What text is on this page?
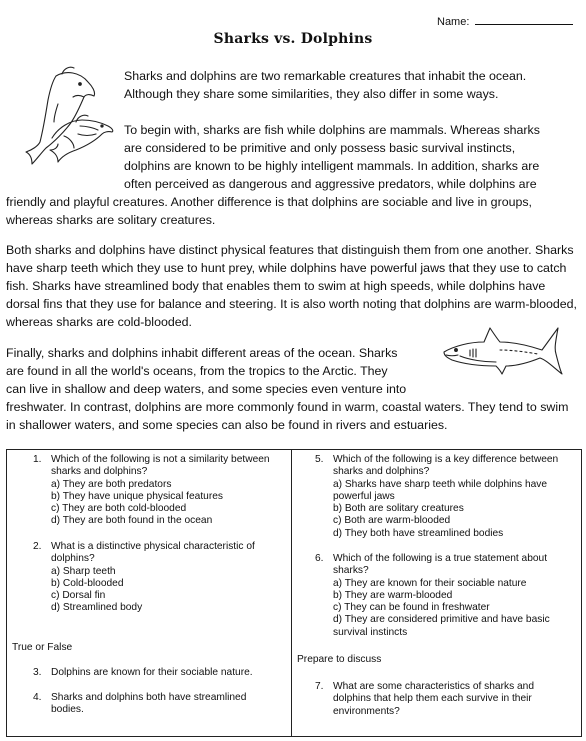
Name:
Sharks vs. Dolphins

Sharks and dolphins are two remarkable creatures that inhabit the ocean. Although they share some similarities, they also differ in some ways.

To begin with, sharks are fish while dolphins are mammals. Whereas sharks

are considered to be primitive and only possess basic survival instincts,

dolphins are known to be highly intelligent mammals. In addition, sharks are

often perceived as dangerous and aggressive predators, while dolphins are

friendly and playful creatures. Another difference is that dolphins are sociable and live in groups, whereas sharks are solitary creatures.

Both sharks and dolphins have distinct physical features that distinguish them from one another. Sharks have sharp teeth which they use to hunt prey, while dolphins have powerful jaws that they use to catch fish. Sharks have streamlined body that enables them to swim at high speeds, while dolphins have dorsal fins that they use for balance and steering. It is also worth noting that dolphins are warm-blooded, whereas sharks are cold-blooded.

Finally, sharks and dolphins inhabit different areas of the ocean. Sharks

are found in all the world's oceans, from the tropics to the Arctic. They

can live in shallow and deep waters, and some species even venture into

freshwater. In contrast, dolphins are more commonly found in warm, coastal waters. They tend to swim in shallower waters, and some species can also be found in rivers and estuaries.

1. Which of the following is not a similarity between sharks and dolphins?
a) They are both predators
b) They have unique physical features
c) They are both cold-blooded
d) They are both found in the ocean
2. What is a distinctive physical characteristic of dolphins?
a) Sharp teeth
b) Cold-blooded
c) Dorsal fin
d) Streamlined body
True or False
3. Dolphins are known for their sociable nature.
4. Sharks and dolphins both have streamlined bodies.
5. Which of the following is a key difference between sharks and dolphins?
a) Sharks have sharp teeth while dolphins have powerful jaws
b) Both are solitary creatures
c) Both are warm-blooded
d) They both have streamlined bodies
6. Which of the following is a true statement about sharks?
a) They are known for their sociable nature
b) They are warm-blooded
c) They can be found in freshwater
d) They are considered primitive and have basic survival instincts
Prepare to discuss
7. What are some characteristics of sharks and dolphins that help them each survive in their environments?
